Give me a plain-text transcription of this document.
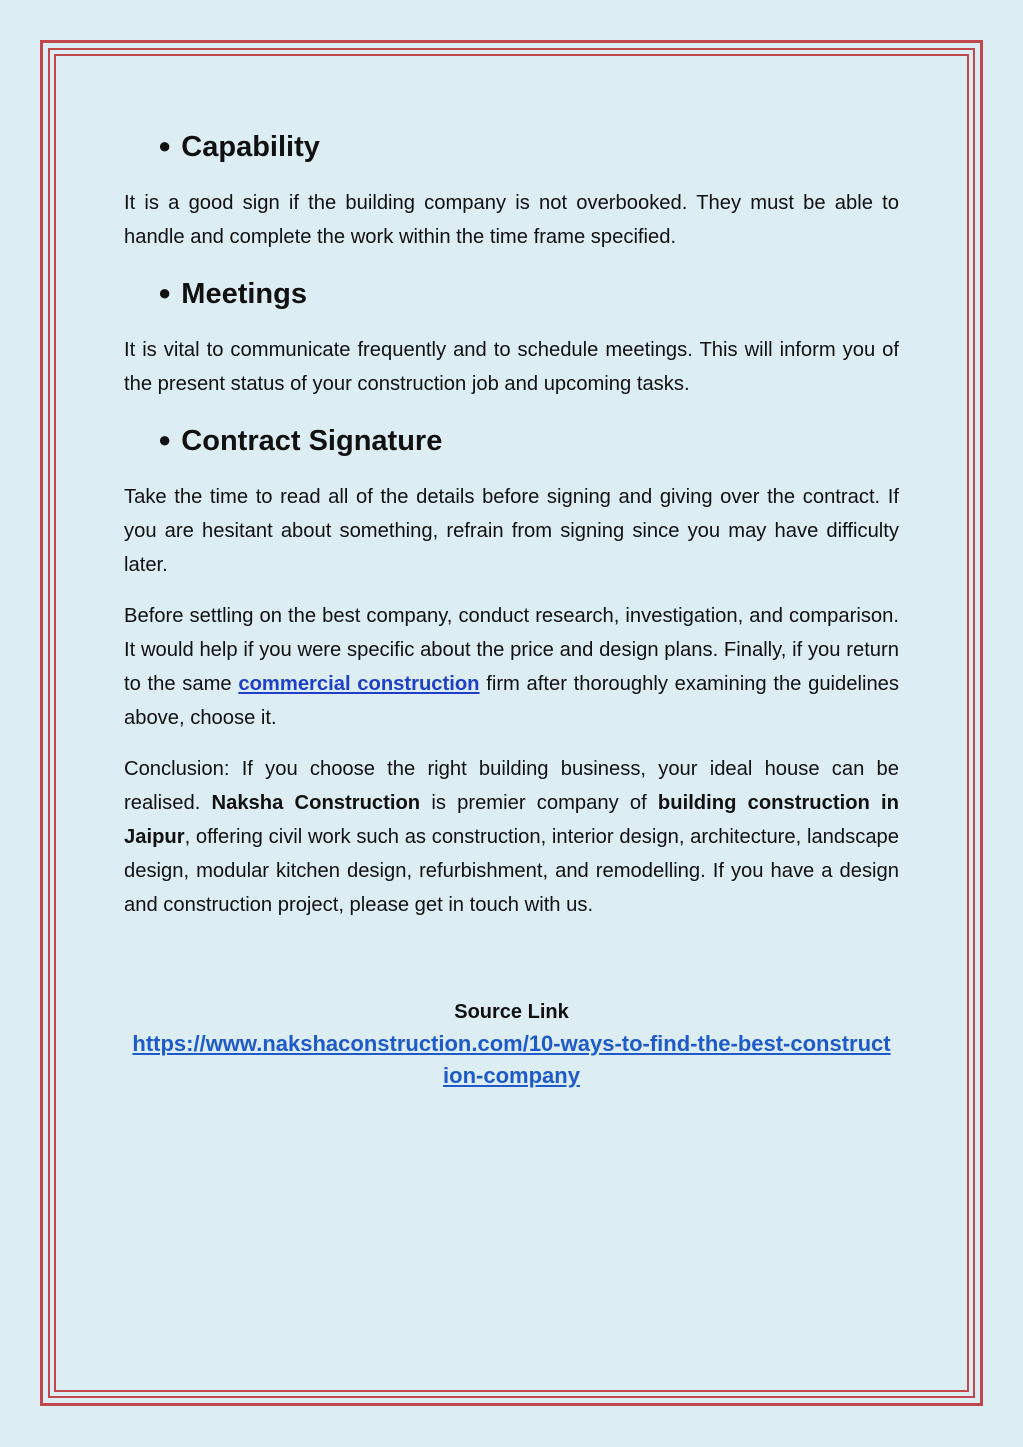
● Capability

It is a good sign if the building company is not overbooked. They must be able to handle and complete the work within the time frame specified.

● Meetings

It is vital to communicate frequently and to schedule meetings. This will inform you of the present status of your construction job and upcoming tasks.

● Contract Signature

Take the time to read all of the details before signing and giving over the contract. If you are hesitant about something, refrain from signing since you may have difficulty later.

Before settling on the best company, conduct research, investigation, and comparison. It would help if you were specific about the price and design plans. Finally, if you return to the same commercial construction firm after thoroughly examining the guidelines above, choose it.

Conclusion: If you choose the right building business, your ideal house can be realised. Naksha Construction is premier company of building construction in Jaipur, offering civil work such as construction, interior design, architecture, landscape design, modular kitchen design, refurbishment, and remodelling. If you have a design and construction project, please get in touch with us.

Source Link
https://www.nakshaconstruction.com/10-ways-to-find-the-best-construction-company
